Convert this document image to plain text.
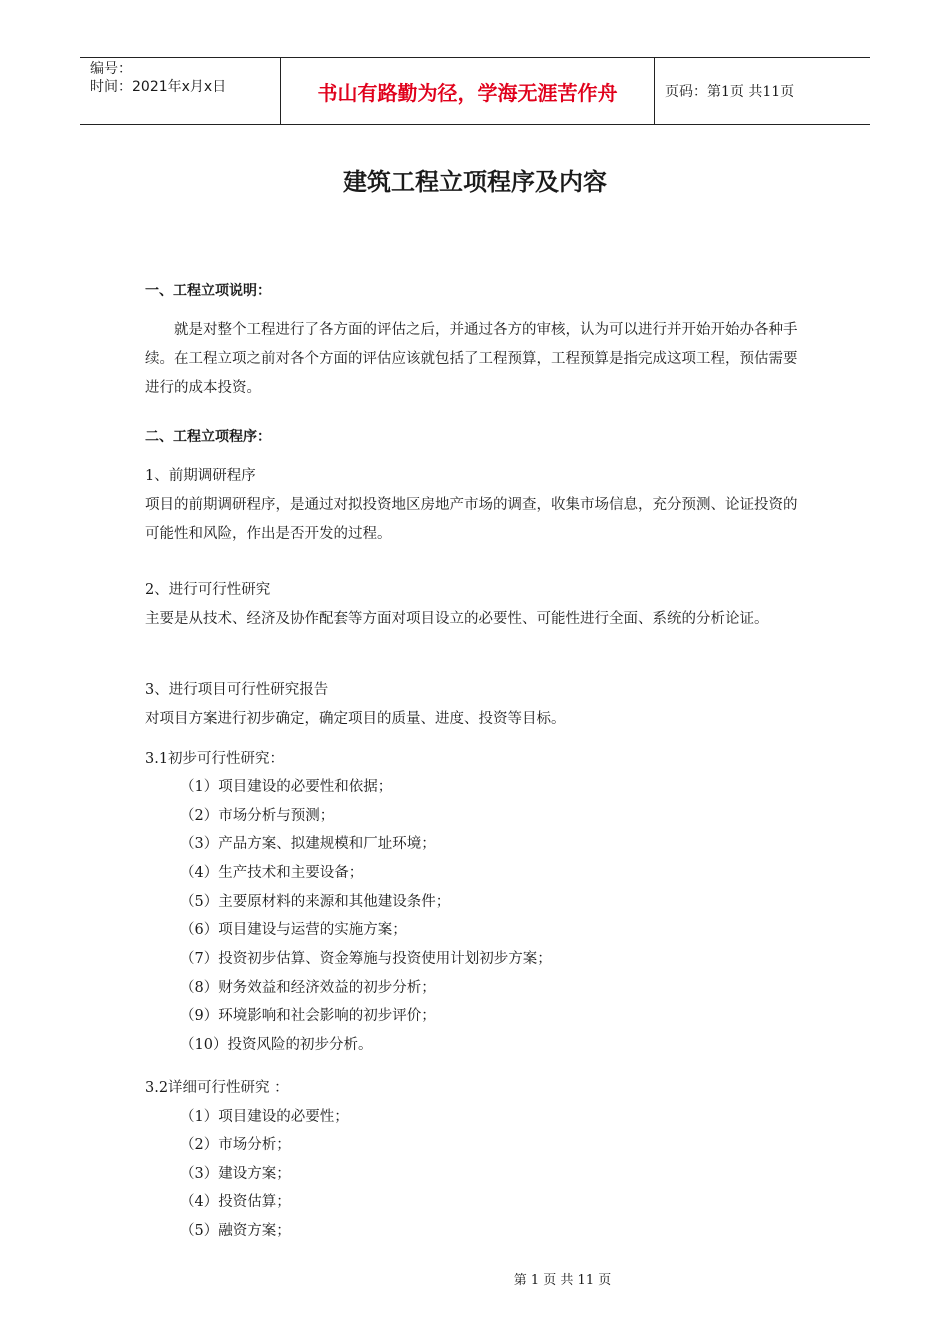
编号：
时间：2021年x月x日	书山有路勤为径，学海无涯苦作舟	页码：第1页 共11页
建筑工程立项程序及内容

一、工程立项说明：

就是对整个工程进行了各方面的评估之后，并通过各方的审核，认为可以进行并开始开始办各种手续。在工程立项之前对各个方面的评估应该就包括了工程预算，工程预算是指完成这项工程，预估需要进行的成本投资。

二、工程立项程序：

1、前期调研程序

项目的前期调研程序，是通过对拟投资地区房地产市场的调查，收集市场信息，充分预测、论证投资的可能性和风险，作出是否开发的过程。

2、进行可行性研究

主要是从技术、经济及协作配套等方面对项目设立的必要性、可能性进行全面、系统的分析论证。

3、进行项目可行性研究报告

对项目方案进行初步确定，确定项目的质量、进度、投资等目标。

3.1初步可行性研究：

（1）项目建设的必要性和依据；

（2）市场分析与预测；

（3）产品方案、拟建规模和厂址环境；

（4）生产技术和主要设备；

（5）主要原材料的来源和其他建设条件；

（6）项目建设与运营的实施方案；

（7）投资初步估算、资金筹施与投资使用计划初步方案；

（8）财务效益和经济效益的初步分析；

（9）环境影响和社会影响的初步评价；

（10）投资风险的初步分析。

3.2详细可行性研究 ：

（1）项目建设的必要性；

（2）市场分析；

（3）建设方案；

（4）投资估算；

（5）融资方案；

第 1 页 共 11 页
